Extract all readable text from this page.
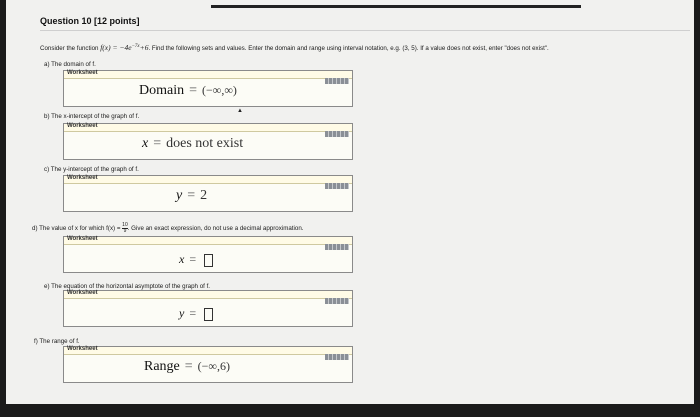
Question 10 [12 points]
Consider the function $f(x) = -4e^{-7x}+6$. Find the following sets and values. Enter the domain and range using interval notation, e.g. (3, 5). If a value does not exist, enter "does not exist".
a) The domain of f.
Worksheet
Domain = (−∞,∞)
▲
b) The x-intercept of the graph of f.
Worksheet
x = does not exist
c) The y-intercept of the graph of f.
Worksheet
y = 2
d) The value of x for which $f(x) = \frac{10}{9}$ . Give an exact expression, do not use a decimal approximation.
Worksheet
x =
e) The equation of the horizontal asymptote of the graph of f.
Worksheet
y =
f) The range of f.
Worksheet
Range = (−∞,6)
